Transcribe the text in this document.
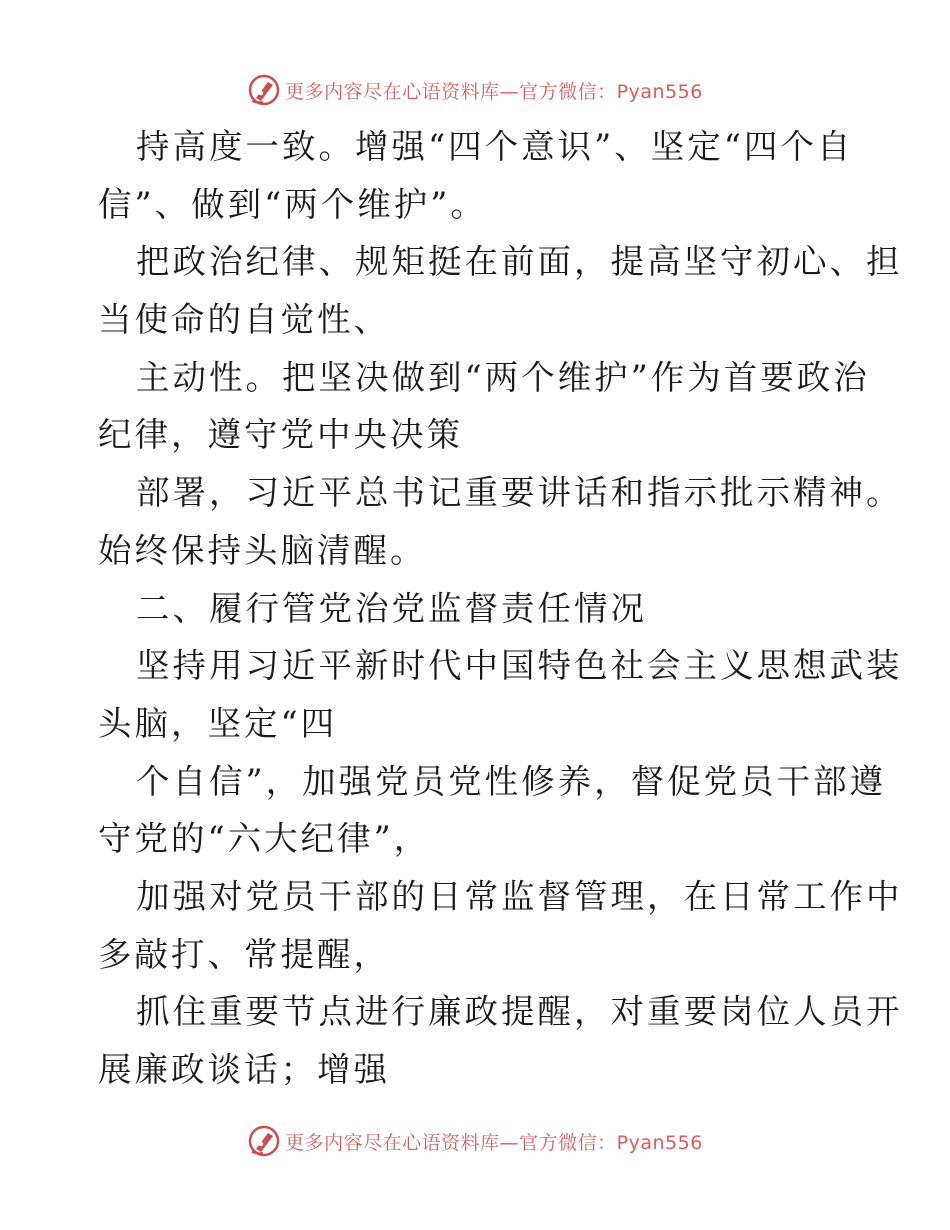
更多内容尽在心语资料库—官方微信：Pyan556
持高度一致。增强“四个意识”、坚定“四个自
信”、做到“两个维护”。
把政治纪律、规矩挺在前面，提高坚守初心、担
当使命的自觉性、
主动性。把坚决做到“两个维护”作为首要政治
纪律，遵守党中央决策
部署，习近平总书记重要讲话和指示批示精神。
始终保持头脑清醒。
二、履行管党治党监督责任情况
坚持用习近平新时代中国特色社会主义思想武装
头脑，坚定“四
个自信”，加强党员党性修养，督促党员干部遵
守党的“六大纪律”，
加强对党员干部的日常监督管理，在日常工作中
多敲打、常提醒，
抓住重要节点进行廉政提醒，对重要岗位人员开
展廉政谈话；增强
更多内容尽在心语资料库—官方微信：Pyan556
